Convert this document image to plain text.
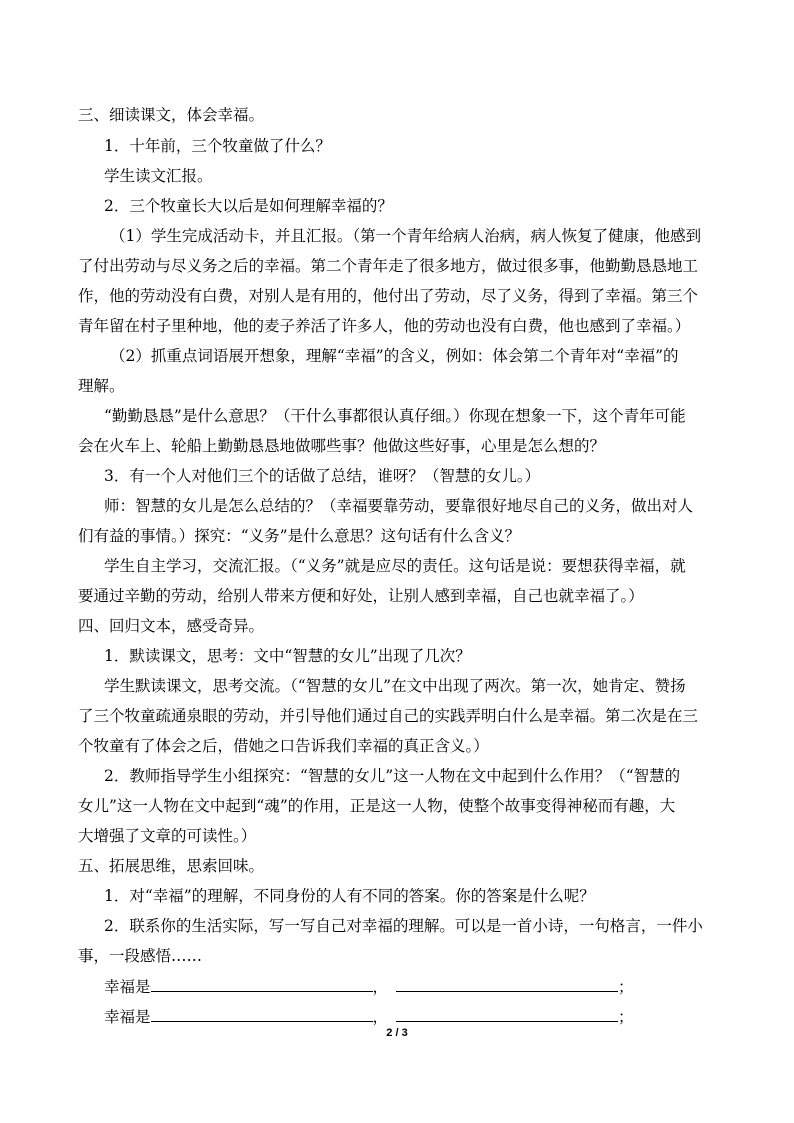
三、细读课文，体会幸福。
1．十年前，三个牧童做了什么？
学生读文汇报。
2．三个牧童长大以后是如何理解幸福的？
（1）学生完成活动卡，并且汇报。（第一个青年给病人治病，病人恢复了健康，他感到
了付出劳动与尽义务之后的幸福。第二个青年走了很多地方，做过很多事，他勤勤恳恳地工
作，他的劳动没有白费，对别人是有用的，他付出了劳动，尽了义务，得到了幸福。第三个
青年留在村子里种地，他的麦子养活了许多人，他的劳动也没有白费，他也感到了幸福。）
（2）抓重点词语展开想象，理解“幸福”的含义，例如：体会第二个青年对“幸福”的
理解。
“勤勤恳恳”是什么意思？（干什么事都很认真仔细。）你现在想象一下，这个青年可能
会在火车上、轮船上勤勤恳恳地做哪些事？他做这些好事，心里是怎么想的？
3．有一个人对他们三个的话做了总结，谁呀？（智慧的女儿。）
师：智慧的女儿是怎么总结的？（幸福要靠劳动，要靠很好地尽自己的义务，做出对人
们有益的事情。）探究：“义务”是什么意思？这句话有什么含义？
学生自主学习，交流汇报。（“义务”就是应尽的责任。这句话是说：要想获得幸福，就
要通过辛勤的劳动，给别人带来方便和好处，让别人感到幸福，自己也就幸福了。）
四、回归文本，感受奇异。
1．默读课文，思考：文中“智慧的女儿”出现了几次？
学生默读课文，思考交流。（“智慧的女儿”在文中出现了两次。第一次，她肯定、赞扬
了三个牧童疏通泉眼的劳动，并引导他们通过自己的实践弄明白什么是幸福。第二次是在三
个牧童有了体会之后，借她之口告诉我们幸福的真正含义。）
2．教师指导学生小组探究：“智慧的女儿”这一人物在文中起到什么作用？（“智慧的
女儿”这一人物在文中起到“魂”的作用，正是这一人物，使整个故事变得神秘而有趣，大
大增强了文章的可读性。）
五、拓展思维，思索回味。
1．对“幸福”的理解，不同身份的人有不同的答案。你的答案是什么呢？
2．联系你的生活实际，写一写自己对幸福的理解。可以是一首小诗，一句格言，一件小
事，一段感悟……
幸福是	，	；
幸福是	，	；
2 / 3
